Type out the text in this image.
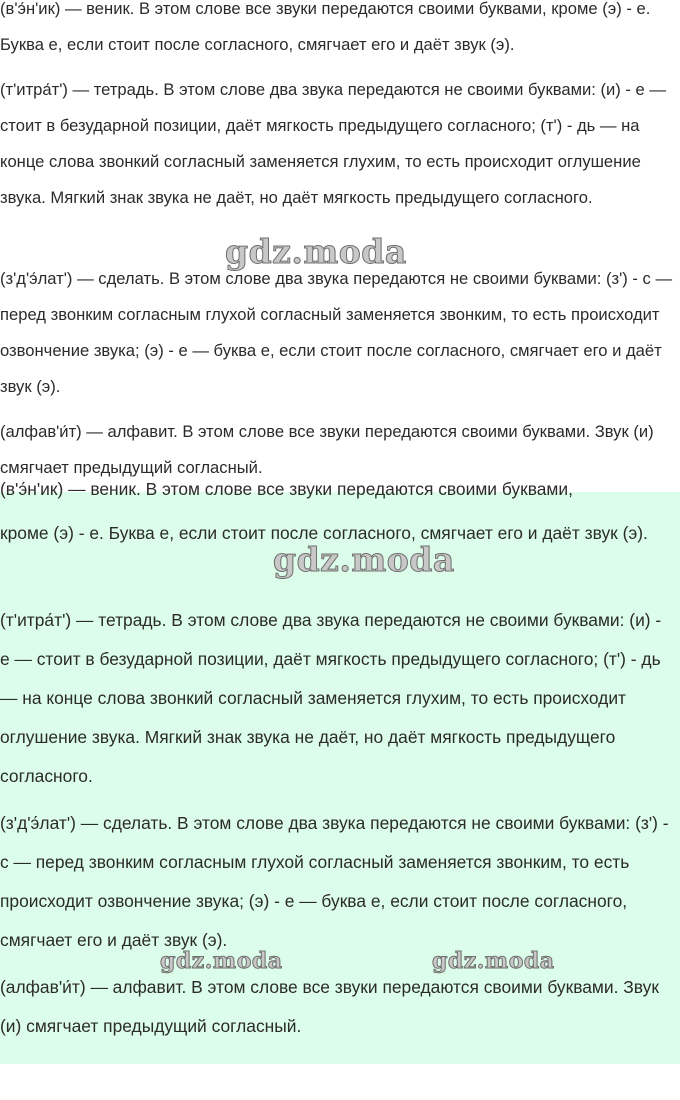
(в'э́н'ик) — веник. В этом слове все звуки передаются своими буквами, кроме (э) - е. Буква е, если стоит после согласного, смягчает его и даёт звук (э).

(т'итра́т') — тетрадь. В этом слове два звука передаются не своими буквами: (и) - е — стоит в безударной позиции, даёт мягкость предыдущего согласного; (т') - дь — на конце слова звонкий согласный заменяется глухим, то есть происходит оглушение звука. Мягкий знак звука не даёт, но даёт мягкость предыдущего согласного.

(з'д'э́лат') — сделать. В этом слове два звука передаются не своими буквами: (з') - с — перед звонким согласным глухой согласный заменяется звонким, то есть происходит озвончение звука; (э) - е — буква е, если стоит после согласного, смягчает его и даёт звук (э).

(алфав'и́т) — алфавит. В этом слове все звуки передаются своими буквами. Звук (и) смягчает предыдущий согласный.

gdz.moda
(в'э́н'ик) — веник. В этом слове все звуки передаются своими буквами,

кроме (э) - е. Буква е, если стоит после согласного, смягчает его и даёт звук (э).

(т'итра́т') — тетрадь. В этом слове два звука передаются не своими буквами: (и) - е — стоит в безударной позиции, даёт мягкость предыдущего согласного; (т') - дь — на конце слова звонкий согласный заменяется глухим, то есть происходит оглушение звука. Мягкий знак звука не даёт, но даёт мягкость предыдущего согласного.

(з'д'э́лат') — сделать. В этом слове два звука передаются не своими буквами: (з') - с — перед звонким согласным глухой согласный заменяется звонким, то есть происходит озвончение звука; (э) - е — буква е, если стоит после согласного, смягчает его и даёт звук (э).

(алфав'и́т) — алфавит. В этом слове все звуки передаются своими буквами. Звук (и) смягчает предыдущий согласный.

gdz.moda
gdz.moda	gdz.moda
